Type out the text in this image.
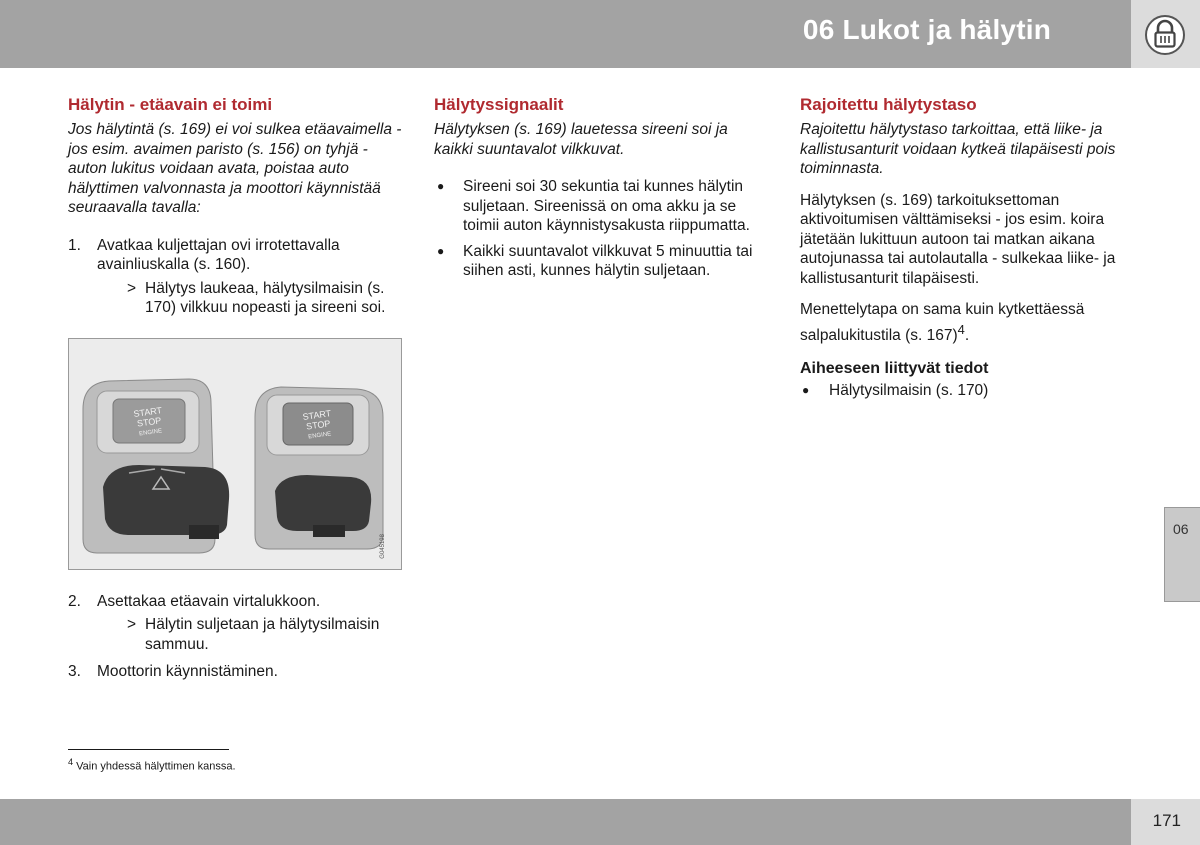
06 Lukot ja hälytin
Hälytin - etäavain ei toimi

Jos hälytintä (s. 169) ei voi sulkea etäavaimella - jos esim. avaimen paristo (s. 156) on tyhjä - auton lukitus voidaan avata, poistaa auto hälyttimen valvonnasta ja moottori käynnistää seuraavalla tavalla:

1. Avatkaa kuljettajan ovi irrotettavalla avainliuskalla (s. 160).
> Hälytys laukeaa, hälytysilmaisin (s. 170) vilkkuu nopeasti ja sireeni soi.
START
STOP
ENGINE
START
STOP
ENGINE
G045198
2. Asettakaa etäavain virtalukkoon.
> Hälytin suljetaan ja hälytysilmaisin sammuu.
3. Moottorin käynnistäminen.
Hälytyssignaalit

Hälytyksen (s. 169) lauetessa sireeni soi ja kaikki suuntavalot vilkkuvat.

● Sireeni soi 30 sekuntia tai kunnes hälytin suljetaan. Sireenissä on oma akku ja se toimii auton käynnistysakusta riippumatta.
● Kaikki suuntavalot vilkkuvat 5 minuuttia tai siihen asti, kunnes hälytin suljetaan.
Rajoitettu hälytystaso

Rajoitettu hälytystaso tarkoittaa, että liike- ja kallistusanturit voidaan kytkeä tilapäisesti pois toiminnasta.

Hälytyksen (s. 169) tarkoituksettoman aktivoitumisen välttämiseksi - jos esim. koira jätetään lukittuun autoon tai matkan aikana autojunassa tai autolautalla - sulkekaa liike- ja kallistusanturit tilapäisesti.

Menettelytapa on sama kuin kytkettäessä salpalukitustila (s. 167)$^4$.

Aiheeseen liittyvät tiedot
● Hälytysilmaisin (s. 170)
$^4$ Vain yhdessä hälyttimen kanssa.
06
171
